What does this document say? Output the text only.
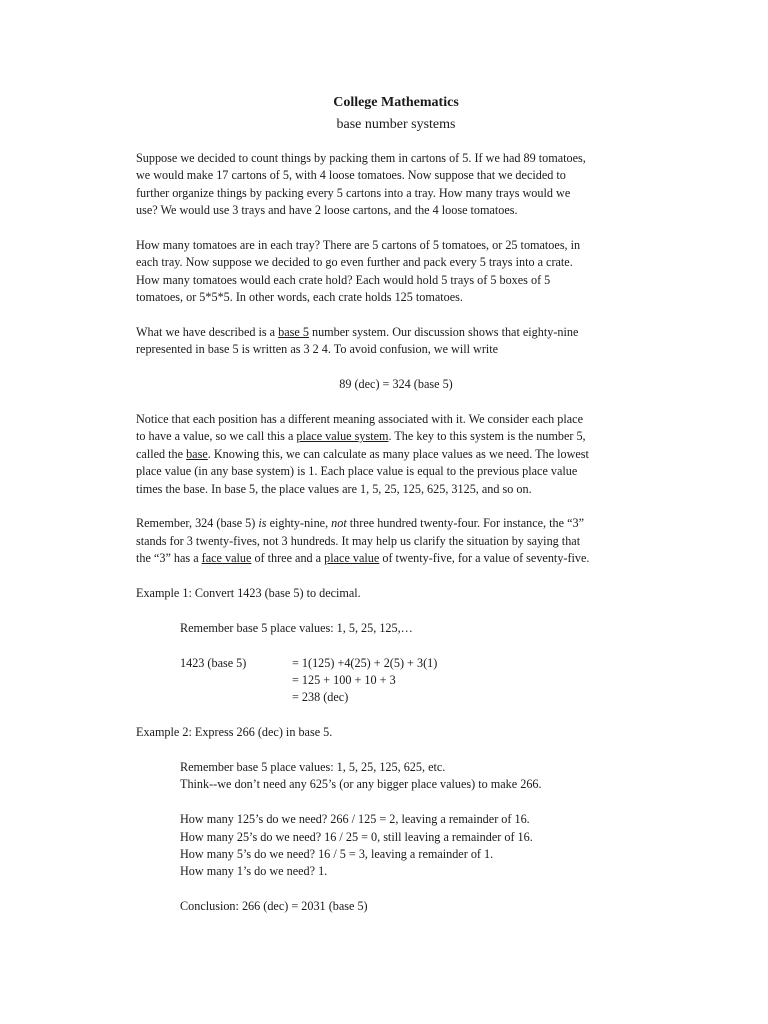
College Mathematics

base number systems

Suppose we decided to count things by packing them in cartons of 5. If we had 89 tomatoes,
we would make 17 cartons of 5, with 4 loose tomatoes. Now suppose that we decided to
further organize things by packing every 5 cartons into a tray. How many trays would we
use? We would use 3 trays and have 2 loose cartons, and the 4 loose tomatoes.
How many tomatoes are in each tray? There are 5 cartons of 5 tomatoes, or 25 tomatoes, in
each tray. Now suppose we decided to go even further and pack every 5 trays into a crate.
How many tomatoes would each crate hold? Each would hold 5 trays of 5 boxes of 5
tomatoes, or 5*5*5. In other words, each crate holds 125 tomatoes.
What we have described is a base 5 number system. Our discussion shows that eighty-nine
represented in base 5 is written as 3 2 4. To avoid confusion, we will write
89 (dec) = 324 (base 5)
Notice that each position has a different meaning associated with it. We consider each place
to have a value, so we call this a place value system. The key to this system is the number 5,
called the base. Knowing this, we can calculate as many place values as we need. The lowest
place value (in any base system) is 1. Each place value is equal to the previous place value
times the base. In base 5, the place values are 1, 5, 25, 125, 625, 3125, and so on.
Remember, 324 (base 5) is eighty-nine, not three hundred twenty-four. For instance, the “3”
stands for 3 twenty-fives, not 3 hundreds. It may help us clarify the situation by saying that
the “3” has a face value of three and a place value of twenty-five, for a value of seventy-five.
Example 1: Convert 1423 (base 5) to decimal.
Remember base 5 place values: 1, 5, 25, 125,…
1423 (base 5)	= 1(125) +4(25) + 2(5) + 3(1)
= 125 + 100 + 10 + 3
= 238 (dec)
Example 2: Express 266 (dec) in base 5.
Remember base 5 place values: 1, 5, 25, 125, 625, etc.
Think--we don’t need any 625’s (or any bigger place values) to make 266.
How many 125’s do we need? 266 / 125 = 2, leaving a remainder of 16.
How many 25’s do we need? 16 / 25 = 0, still leaving a remainder of 16.
How many 5’s do we need? 16 / 5 = 3, leaving a remainder of 1.
How many 1’s do we need? 1.
Conclusion: 266 (dec) = 2031 (base 5)
